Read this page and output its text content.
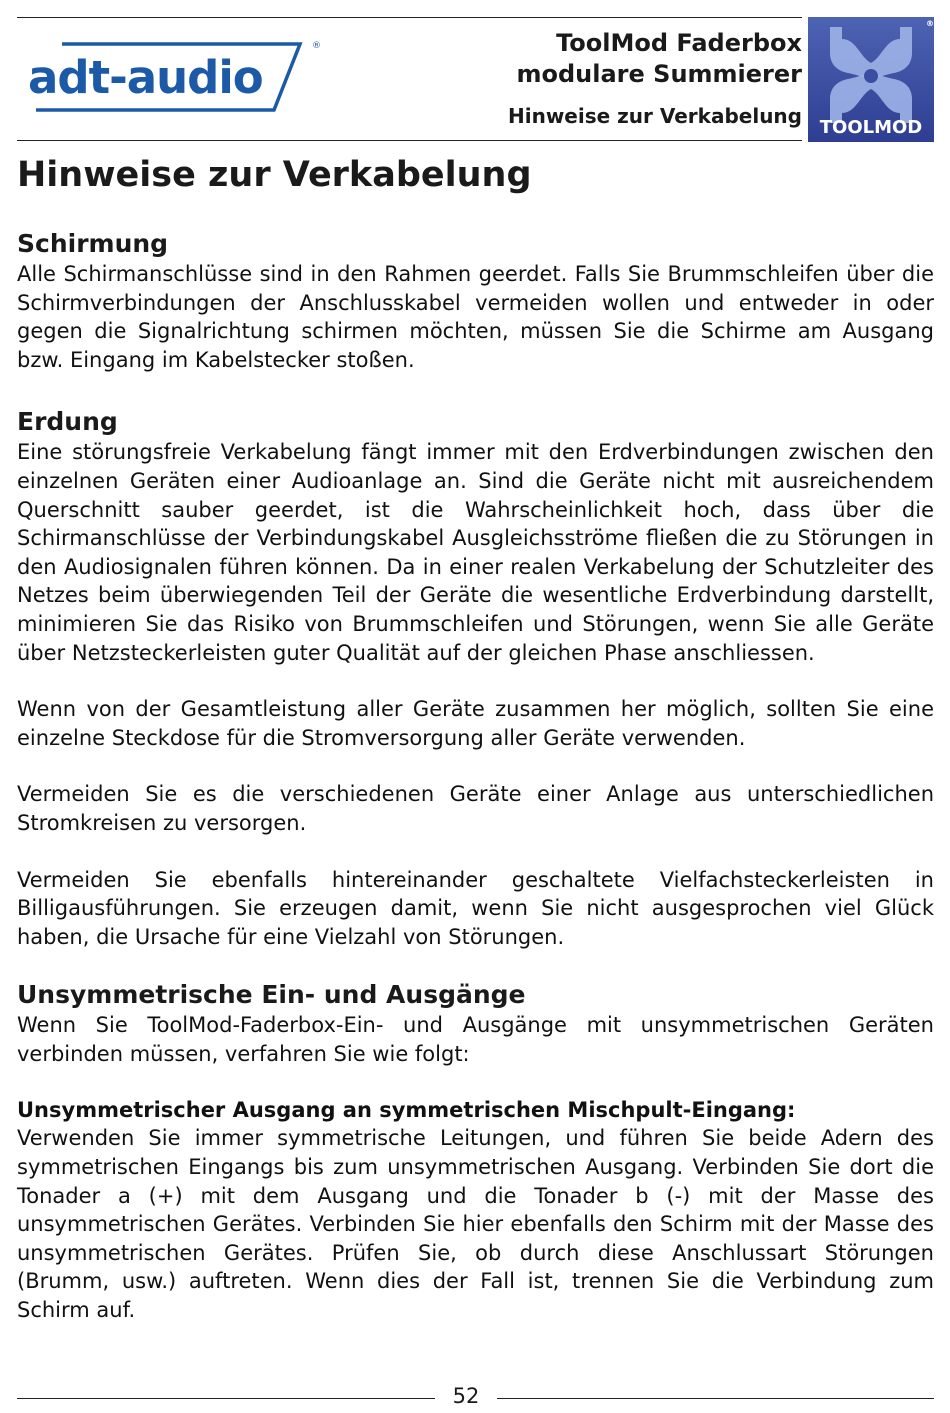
adt-audio
®	ToolMod Faderbox
modulare Summierer
Hinweise zur Verkabelung TOOLMOD
®
Hinweise zur Verkabelung
Schirmung

Alle Schirmanschlüsse sind in den Rahmen geerdet. Falls Sie Brummschleifen über die Schirmverbindungen der Anschlusskabel vermeiden wollen und entweder in oder gegen die Signalrichtung schirmen möchten, müssen Sie die Schirme am Ausgang bzw. Eingang im Kabelstecker stoßen.

Erdung

Eine störungsfreie Verkabelung fängt immer mit den Erdverbindungen zwischen den einzelnen Geräten einer Audioanlage an. Sind die Geräte nicht mit ausreichendem Querschnitt sauber geerdet, ist die Wahrscheinlichkeit hoch, dass über die Schirmanschlüsse der Verbindungskabel Ausgleichsströme fließen die zu Störungen in den Audiosignalen führen können. Da in einer realen Verkabelung der Schutzleiter des Netzes beim überwiegenden Teil der Geräte die wesentliche Erdverbindung darstellt, minimieren Sie das Risiko von Brummschleifen und Störungen, wenn Sie alle Geräte über Netzsteckerleisten guter Qualität auf der gleichen Phase anschliessen.

Wenn von der Gesamtleistung aller Geräte zusammen her möglich, sollten Sie eine einzelne Steckdose für die Stromversorgung aller Geräte verwenden.

Vermeiden Sie es die verschiedenen Geräte einer Anlage aus unterschiedlichen Stromkreisen zu versorgen.

Vermeiden Sie ebenfalls hintereinander geschaltete Vielfachsteckerleisten in Billigausführungen. Sie erzeugen damit, wenn Sie nicht ausgesprochen viel Glück haben, die Ursache für eine Vielzahl von Störungen.

Unsymmetrische Ein- und Ausgänge

Wenn Sie ToolMod-Faderbox-Ein- und Ausgänge mit unsymmetrischen Geräten verbinden müssen, verfahren Sie wie folgt:

Unsymmetrischer Ausgang an symmetrischen Mischpult-Eingang:

Verwenden Sie immer symmetrische Leitungen, und führen Sie beide Adern des symmetrischen Eingangs bis zum unsymmetrischen Ausgang. Verbinden Sie dort die Tonader a (+) mit dem Ausgang und die Tonader b (-) mit der Masse des unsymmetrischen Gerätes. Verbinden Sie hier ebenfalls den Schirm mit der Masse des unsymmetrischen Gerätes. Prüfen Sie, ob durch diese Anschlussart Störungen (Brumm, usw.) auftreten. Wenn dies der Fall ist, trennen Sie die Verbindung zum Schirm auf.

52
